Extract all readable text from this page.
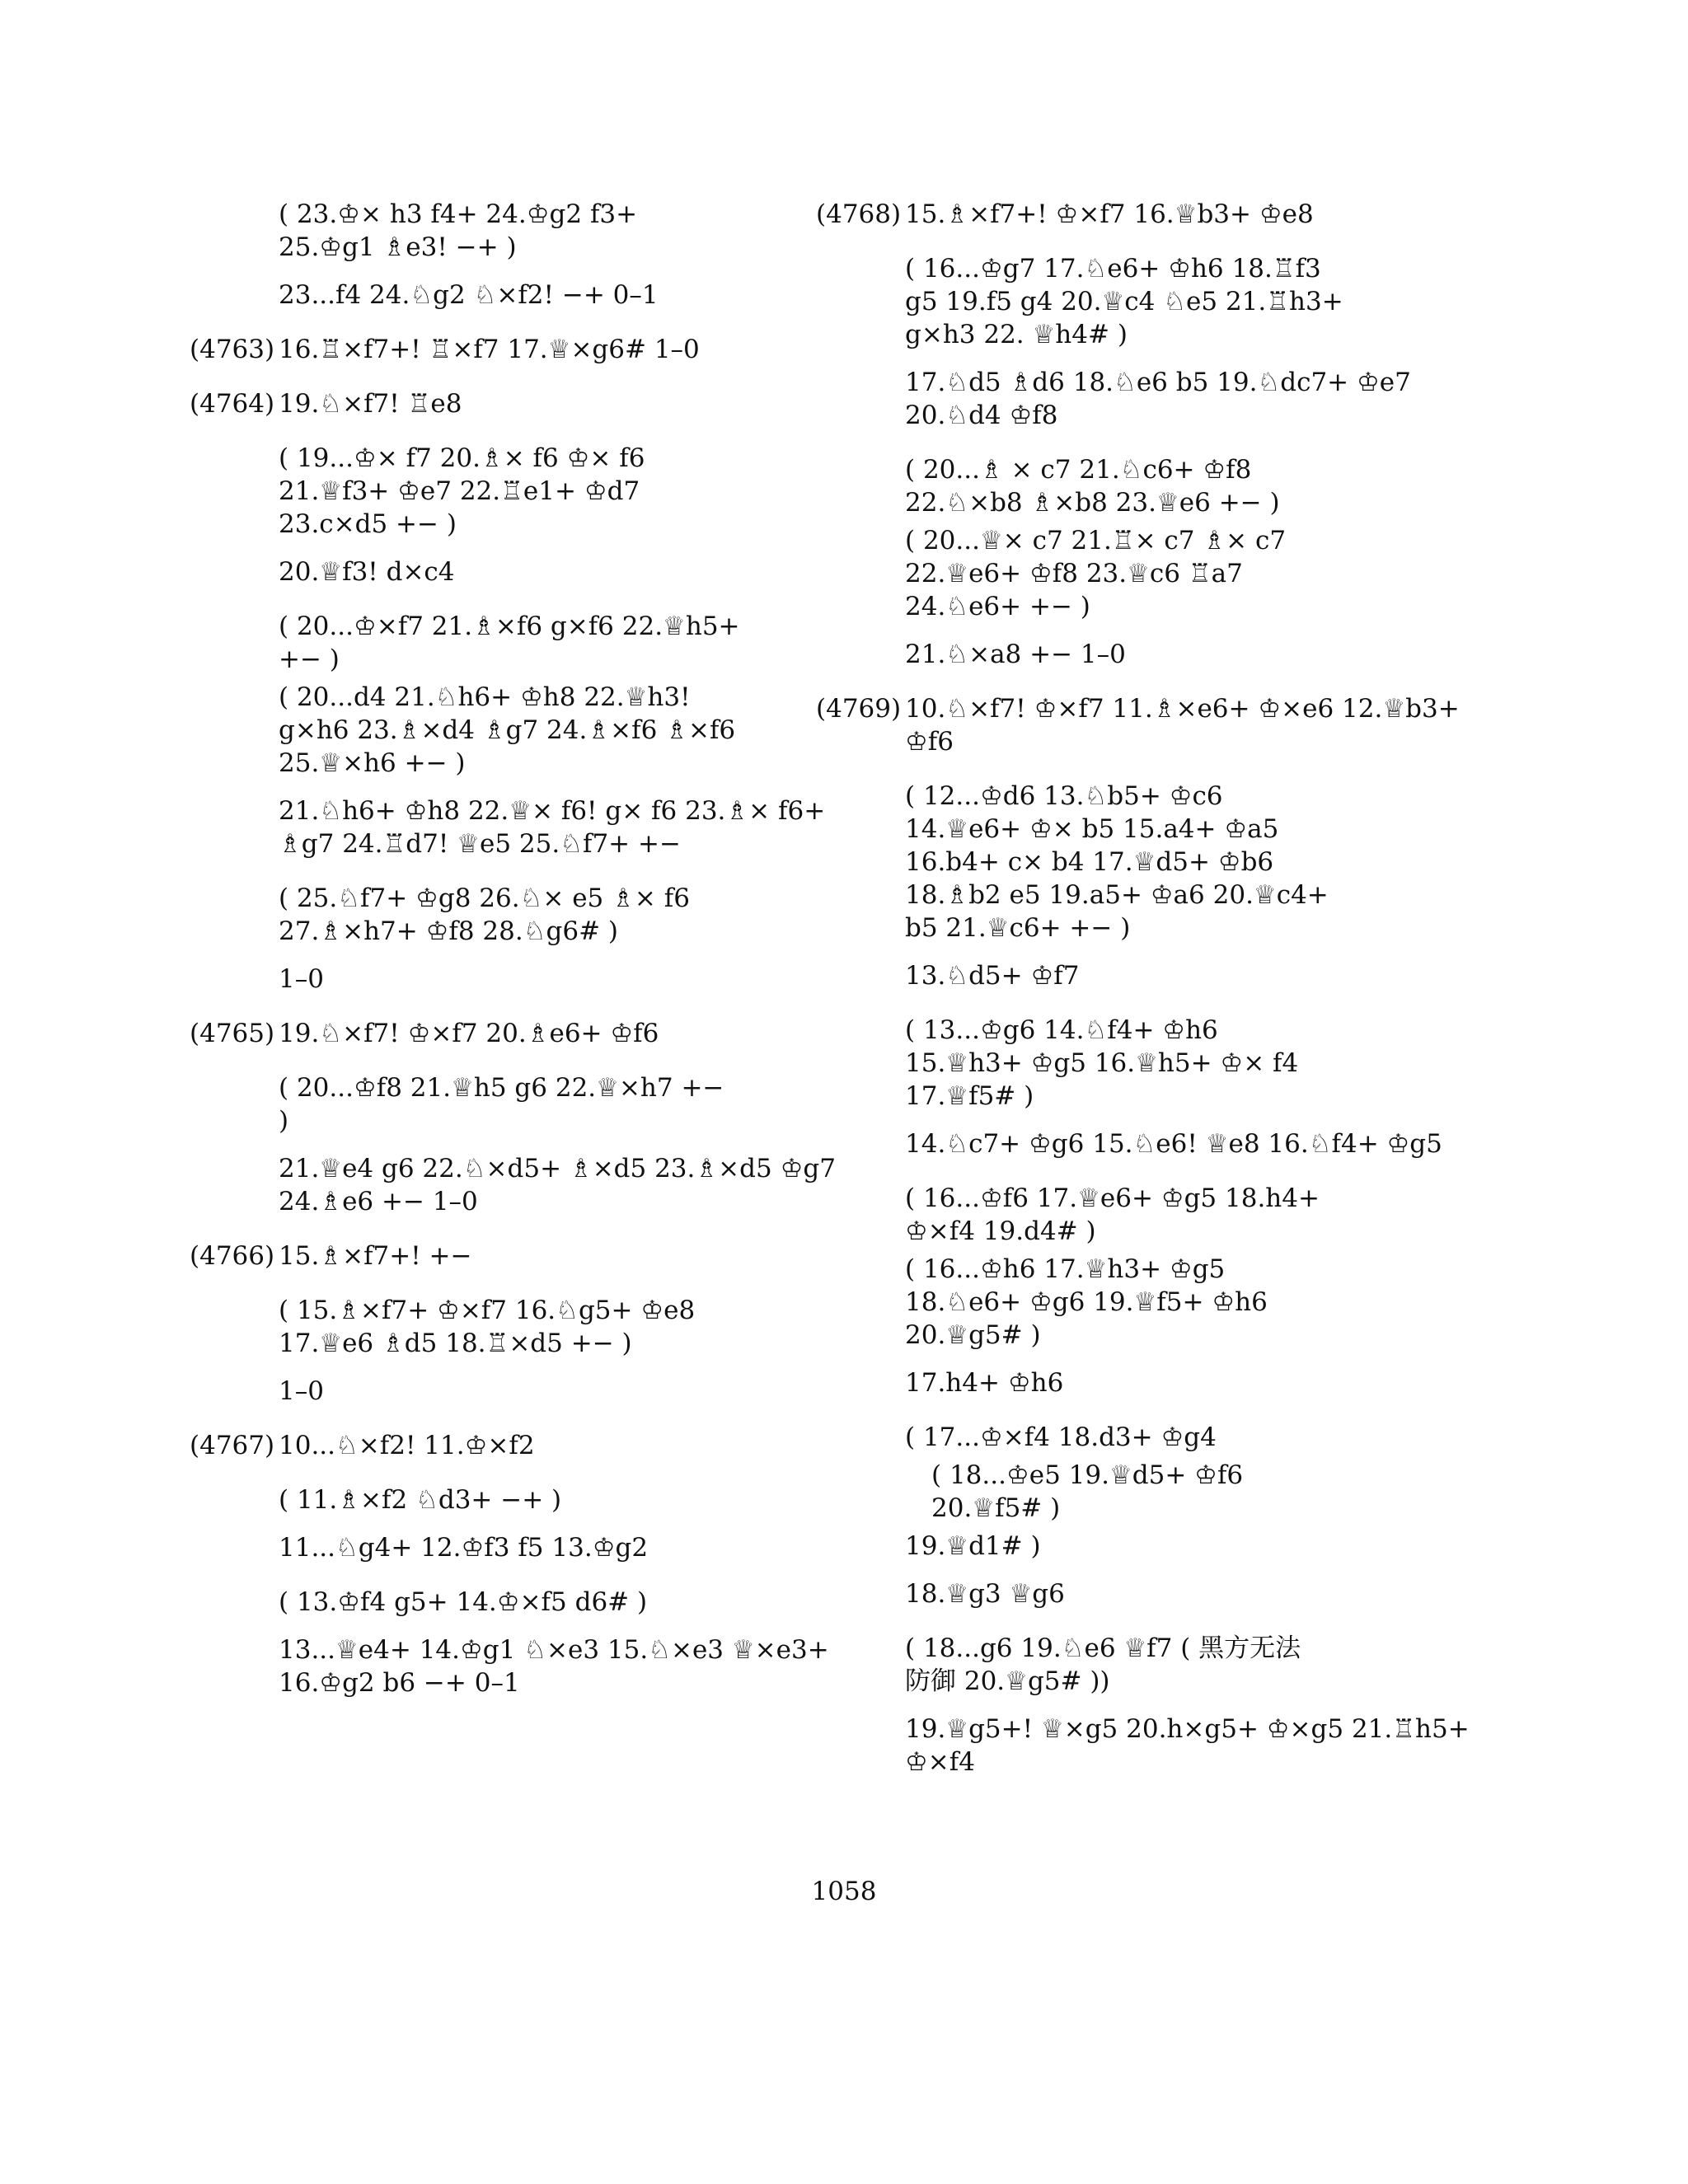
( 23.♔× h3 f4+ 24.♔g2 f3+
25.♔g1 ♗e3! −+ )
23...f4 24.♘g2 ♘×f2! −+ 0–1
(4763) 16.♖×f7+! ♖×f7 17.♕×g6# 1–0
(4764) 19.♘×f7! ♖e8
( 19...♔× f7 20.♗× f6 ♔× f6
21.♕f3+ ♔e7 22.♖e1+ ♔d7
23.c×d5 +− )
20.♕f3! d×c4
( 20...♔×f7 21.♗×f6 g×f6 22.♕h5+
+− )
( 20...d4 21.♘h6+ ♔h8 22.♕h3!
g×h6 23.♗×d4 ♗g7 24.♗×f6 ♗×f6
25.♕×h6 +− )
21.♘h6+ ♔h8 22.♕× f6! g× f6 23.♗× f6+
♗g7 24.♖d7! ♕e5 25.♘f7+ +−
( 25.♘f7+ ♔g8 26.♘× e5 ♗× f6
27.♗×h7+ ♔f8 28.♘g6# )
1–0
(4765) 19.♘×f7! ♔×f7 20.♗e6+ ♔f6
( 20...♔f8 21.♕h5 g6 22.♕×h7 +−
)
21.♕e4 g6 22.♘×d5+ ♗×d5 23.♗×d5 ♔g7
24.♗e6 +− 1–0
(4766) 15.♗×f7+! +−
( 15.♗×f7+ ♔×f7 16.♘g5+ ♔e8
17.♕e6 ♗d5 18.♖×d5 +− )
1–0
(4767) 10...♘×f2! 11.♔×f2
( 11.♗×f2 ♘d3+ −+ )
11...♘g4+ 12.♔f3 f5 13.♔g2
( 13.♔f4 g5+ 14.♔×f5 d6# )
13...♕e4+ 14.♔g1 ♘×e3 15.♘×e3 ♕×e3+
16.♔g2 b6 −+ 0–1
(4768) 15.♗×f7+! ♔×f7 16.♕b3+ ♔e8
( 16...♔g7 17.♘e6+ ♔h6 18.♖f3
g5 19.f5 g4 20.♕c4 ♘e5 21.♖h3+
g×h3 22. ♕h4# )
17.♘d5 ♗d6 18.♘e6 b5 19.♘dc7+ ♔e7
20.♘d4 ♔f8
( 20...♗ × c7 21.♘c6+ ♔f8
22.♘×b8 ♗×b8 23.♕e6 +− )
( 20...♕× c7 21.♖× c7 ♗× c7
22.♕e6+ ♔f8 23.♕c6 ♖a7
24.♘e6+ +− )
21.♘×a8 +− 1–0
(4769) 10.♘×f7! ♔×f7 11.♗×e6+ ♔×e6 12.♕b3+
♔f6
( 12...♔d6 13.♘b5+ ♔c6
14.♕e6+ ♔× b5 15.a4+ ♔a5
16.b4+ c× b4 17.♕d5+ ♔b6
18.♗b2 e5 19.a5+ ♔a6 20.♕c4+
b5 21.♕c6+ +− )
13.♘d5+ ♔f7
( 13...♔g6 14.♘f4+ ♔h6
15.♕h3+ ♔g5 16.♕h5+ ♔× f4
17.♕f5# )
14.♘c7+ ♔g6 15.♘e6! ♕e8 16.♘f4+ ♔g5
( 16...♔f6 17.♕e6+ ♔g5 18.h4+
♔×f4 19.d4# )
( 16...♔h6 17.♕h3+ ♔g5
18.♘e6+ ♔g6 19.♕f5+ ♔h6
20.♕g5# )
17.h4+ ♔h6
( 17...♔×f4 18.d3+ ♔g4
( 18...♔e5 19.♕d5+ ♔f6
20.♕f5# )
19.♕d1# )
18.♕g3 ♕g6
( 18...g6 19.♘e6 ♕f7 ( 黑方无法
防御 20.♕g5# ))
19.♕g5+! ♕×g5 20.h×g5+ ♔×g5 21.♖h5+
♔×f4
1058
